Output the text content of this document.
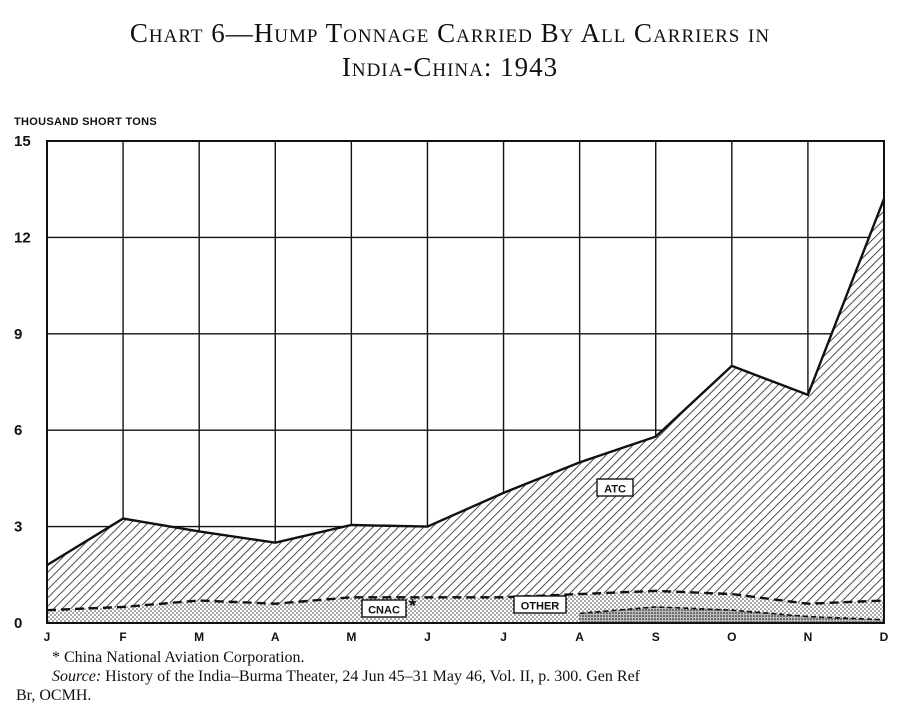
Chart 6—Hump Tonnage Carried By All Carriers in
India-China: 1943
THOUSAND SHORT TONS
0
3
6
9
12
15
J	F	M	A	M	J	J	A	S	O	N	D
ATC
CNAC	OTHER
*
* China National Aviation Corporation.
Source: History of the India–Burma Theater, 24 Jun 45–31 May 46, Vol. II, p. 300. Gen Ref
Br, OCMH.
